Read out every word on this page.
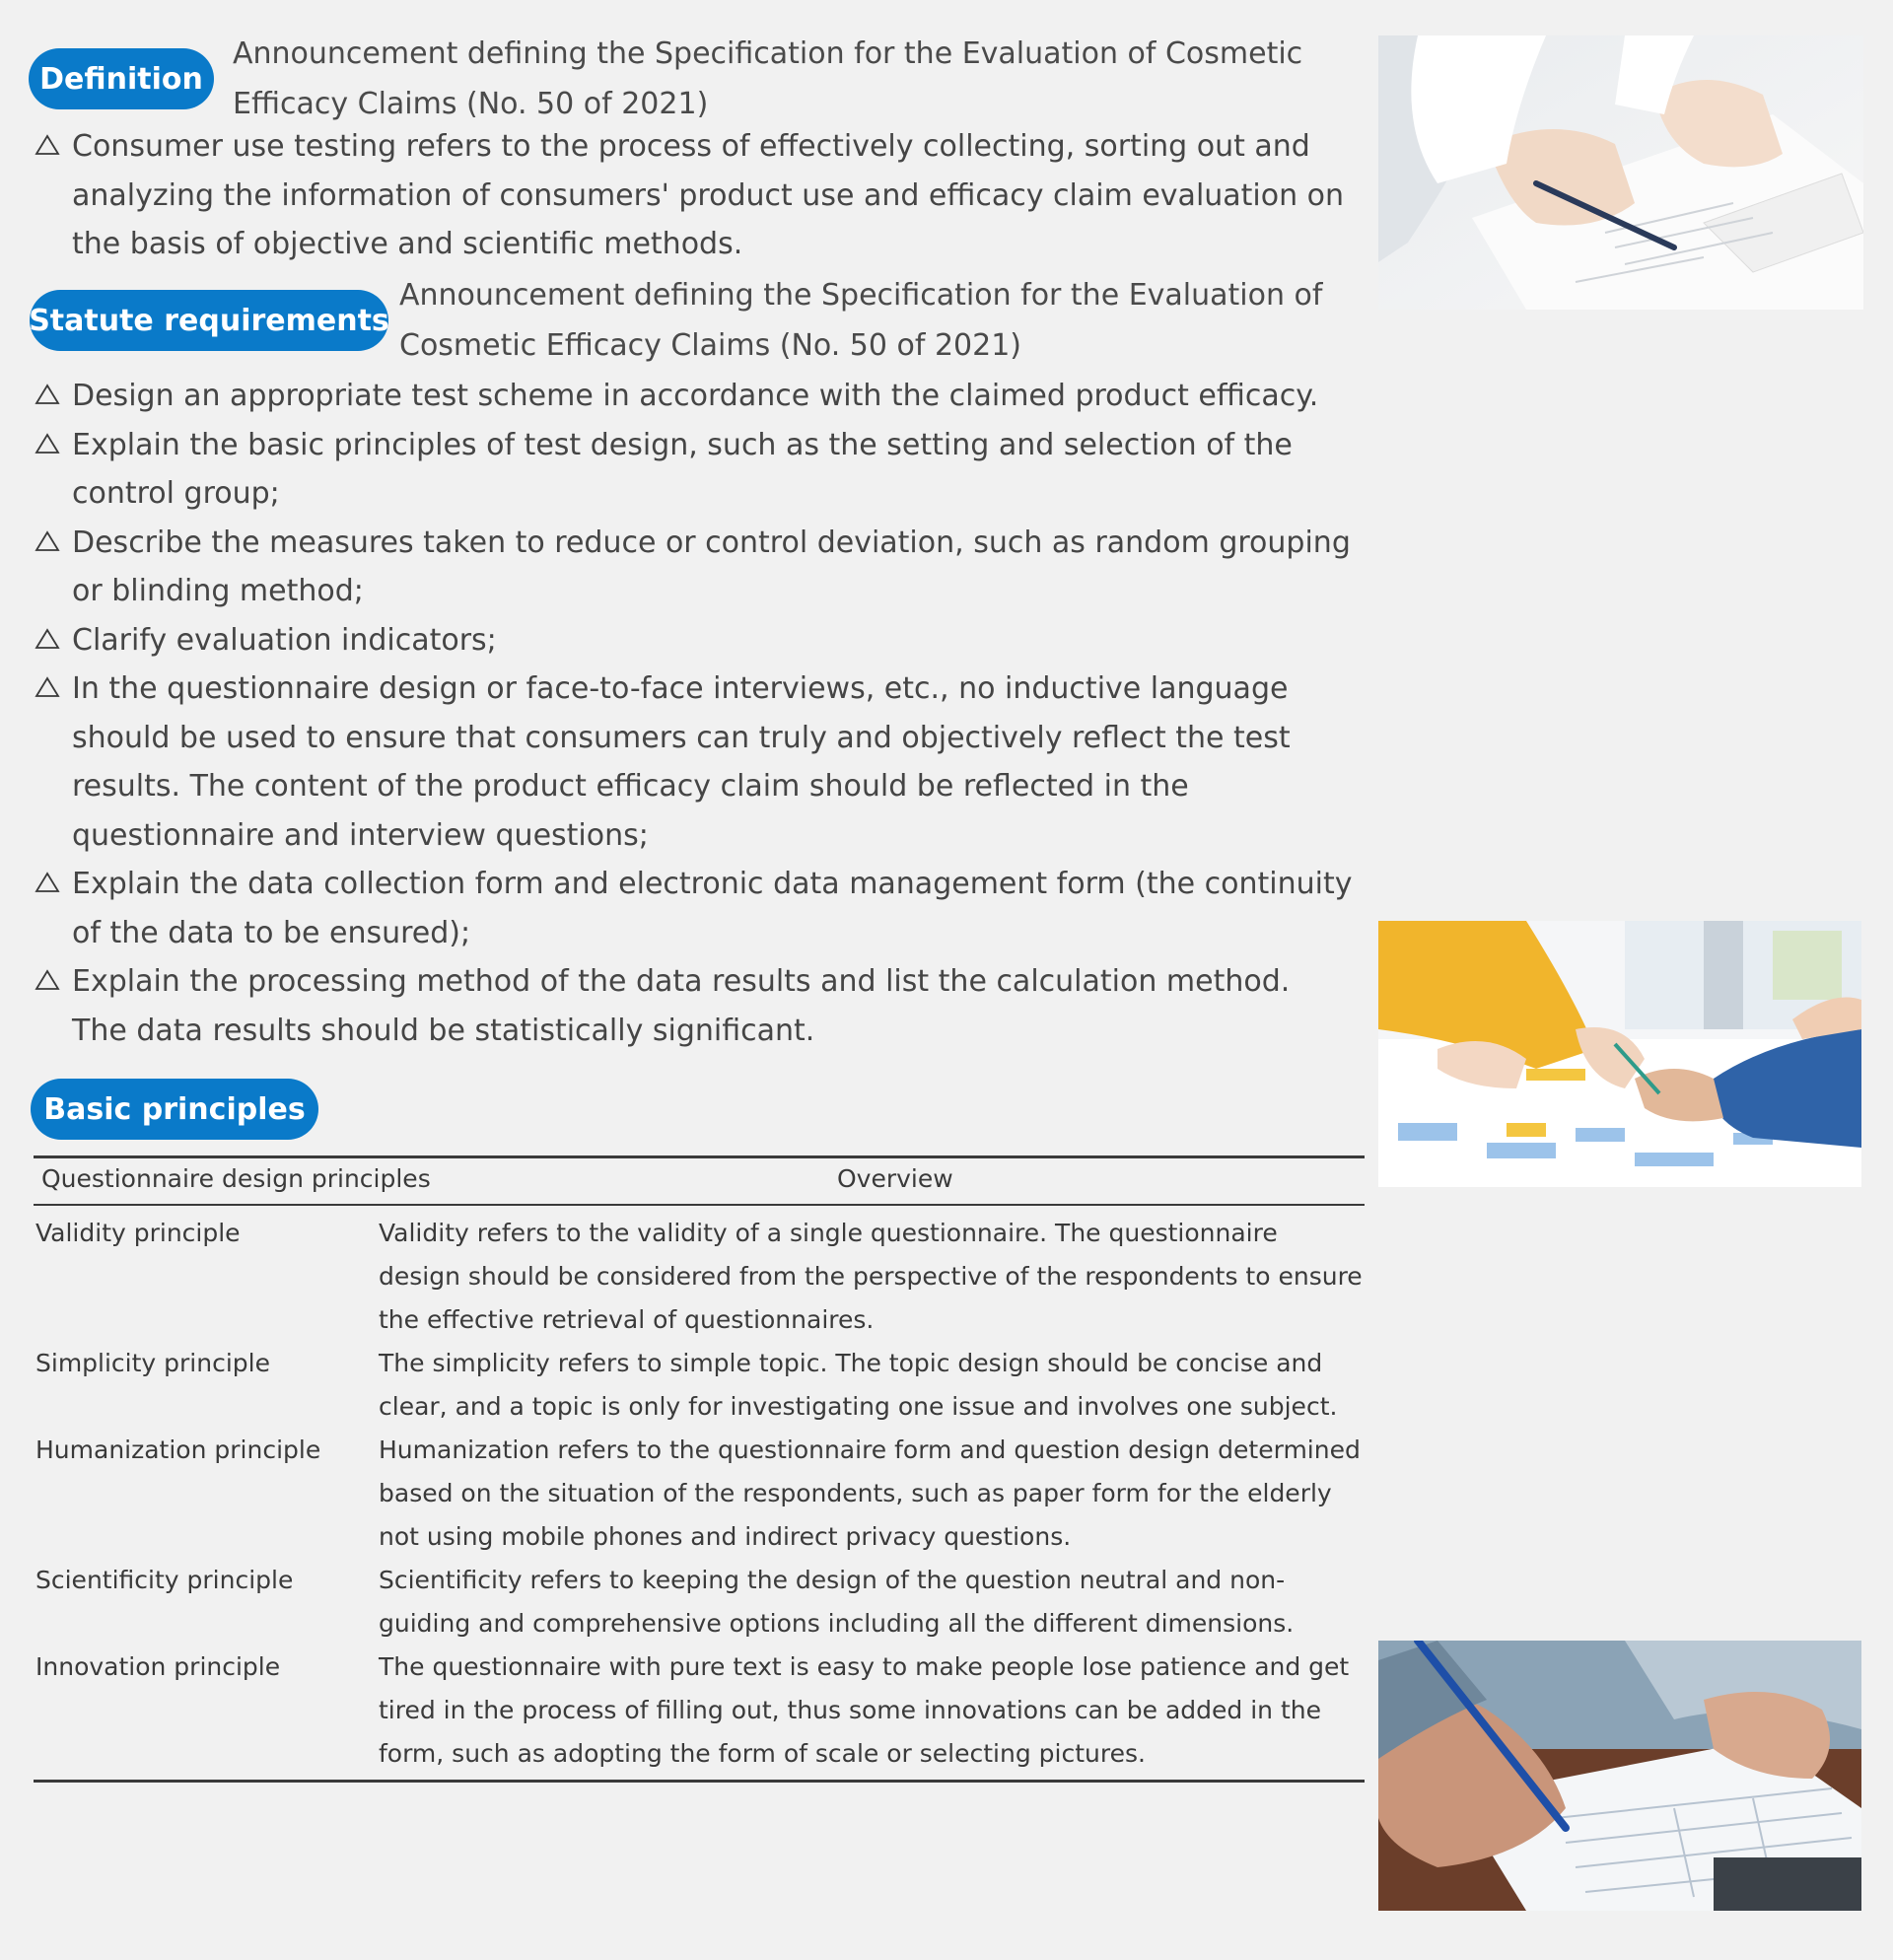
Definition
Announcement defining the Specification for the Evaluation of Cosmetic
Efficacy Claims (No. 50 of 2021)
Consumer use testing refers to the process of effectively collecting, sorting out and analyzing the information of consumers' product use and efficacy claim evaluation on the basis of objective and scientific methods.
Statute requirements
Announcement defining the Specification for the Evaluation of
Cosmetic Efficacy Claims (No. 50 of 2021)
Design an appropriate test scheme in accordance with the claimed product efficacy.
Explain the basic principles of test design, such as the setting and selection of the control group;
Describe the measures taken to reduce or control deviation, such as random grouping or blinding method;
Clarify evaluation indicators;
In the questionnaire design or face-to-face interviews, etc., no inductive language should be used to ensure that consumers can truly and objectively reflect the test results. The content of the product efficacy claim should be reflected in the questionnaire and interview questions;
Explain the data collection form and electronic data management form (the continuity of the data to be ensured);
Explain the processing method of the data results and list the calculation method. The data results should be statistically significant.
Basic principles
Questionnaire design principles	Overview
Validity principle	Validity refers to the validity of a single questionnaire. The questionnaire design should be considered from the perspective of the respondents to ensure the effective retrieval of questionnaires.
Simplicity principle	The simplicity refers to simple topic. The topic design should be concise and clear, and a topic is only for investigating one issue and involves one subject.
Humanization principle	Humanization refers to the questionnaire form and question design determined based on the situation of the respondents, such as paper form for the elderly not using mobile phones and indirect privacy questions.
Scientificity principle	Scientificity refers to keeping the design of the question neutral and non-guiding and comprehensive options including all the different dimensions.
Innovation principle	The questionnaire with pure text is easy to make people lose patience and get tired in the process of filling out, thus some innovations can be added in the form, such as adopting the form of scale or selecting pictures.
